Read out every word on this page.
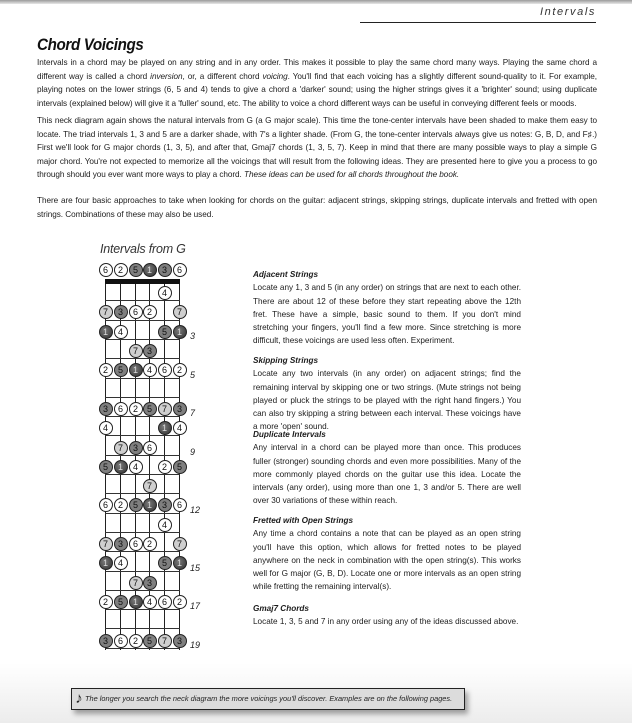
Intervals
Chord Voicings
Intervals in a chord may be played on any string and in any order. This makes it possible to play the same chord many ways. Playing the same chord a different way is called a chord inversion, or, a different chord voicing. You'll find that each voicing has a slightly different sound-quality to it. For example, playing notes on the lower strings (6, 5 and 4) tends to give a chord a 'darker' sound; using the higher strings gives it a 'brighter' sound; using duplicate intervals (explained below) will give it a 'fuller' sound, etc. The ability to voice a chord different ways can be useful in conveying different feels or moods.
This neck diagram again shows the natural intervals from G (a G major scale). This time the tone-center intervals have been shaded to make them easy to locate. The triad intervals 1, 3 and 5 are a darker shade, with 7's a lighter shade. (From G, the tone-center intervals always give us notes: G, B, D, and F♯.) First we'll look for G major chords (1, 3, 5), and after that, Gmaj7 chords (1, 3, 5, 7). Keep in mind that there are many possible ways to play a simple G major chord. You're not expected to memorize all the voicings that will result from the following ideas. They are presented here to give you a process to go through should you ever want more ways to play a chord. These ideas can be used for all chords throughout the book.
There are four basic approaches to take when looking for chords on the guitar: adjacent strings, skipping strings, duplicate intervals and fretted with open strings. Combinations of these may also be used.
Intervals from G
6	2	5 1	3	6
4
7	3	6 2	7
1	4	5	1
7 3
2	5	1 4	6	2
3	6	2 5	7	3
4	1	4
7	3 6
5	1	4	2	5
7
6	2	5 1	3	6
4
7	3	6 2	7
1	4	5	1
7 3
2	5	1 4	6	2
3	6	2 5	7	3
3
5
7
9
12
15
17
19
Adjacent Strings
Locate any 1, 3 and 5 (in any order) on strings that are next to each other. There are about 12 of these before they start repeating above the 12th fret. These have a simple, basic sound to them. If you don't mind stretching your fingers, you'll find a few more. Since stretching is more difficult, these voicings are used less often. Experiment.
Skipping Strings
Locate any two intervals (in any order) on adjacent strings; find the remaining interval by skipping one or two strings. (Mute strings not being played or pluck the strings to be played with the right hand fingers.) You can also try skipping a string between each interval. These voicings have a more 'open' sound.
Duplicate Intervals
Any interval in a chord can be played more than once. This produces fuller (stronger) sounding chords and even more possibilities. Many of the more commonly played chords on the guitar use this idea. Locate the intervals (any order), using more than one 1, 3 and/or 5. There are well over 30 variations of these within reach.
Fretted with Open Strings
Any time a chord contains a note that can be played as an open string you'll have this option, which allows for fretted notes to be played anywhere on the neck in combination with the open string(s). This works well for G major (G, B, D). Locate one or more intervals as an open string while fretting the remaining interval(s).
Gmaj7 Chords
Locate 1, 3, 5 and 7 in any order using any of the ideas discussed above.
♪ The longer you search the neck diagram the more voicings you'll discover. Examples are on the following pages.
